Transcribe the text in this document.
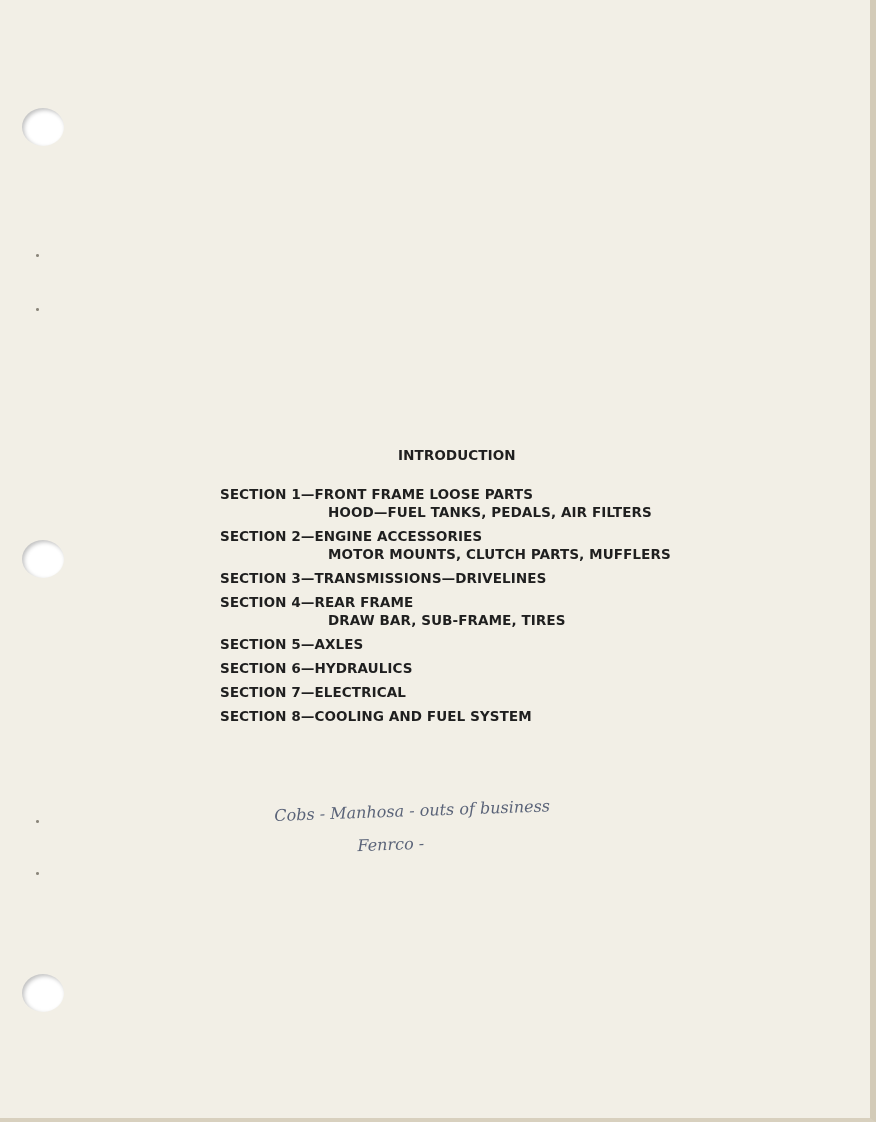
INTRODUCTION
SECTION 1—FRONT FRAME LOOSE PARTS
HOOD—FUEL TANKS, PEDALS, AIR FILTERS
SECTION 2—ENGINE ACCESSORIES
MOTOR MOUNTS, CLUTCH PARTS, MUFFLERS
SECTION 3—TRANSMISSIONS—DRIVELINES
SECTION 4—REAR FRAME
DRAW BAR, SUB-FRAME, TIRES
SECTION 5—AXLES
SECTION 6—HYDRAULICS
SECTION 7—ELECTRICAL
SECTION 8—COOLING AND FUEL SYSTEM
Cobs - Manhosa - outs of business
Fenrco -
